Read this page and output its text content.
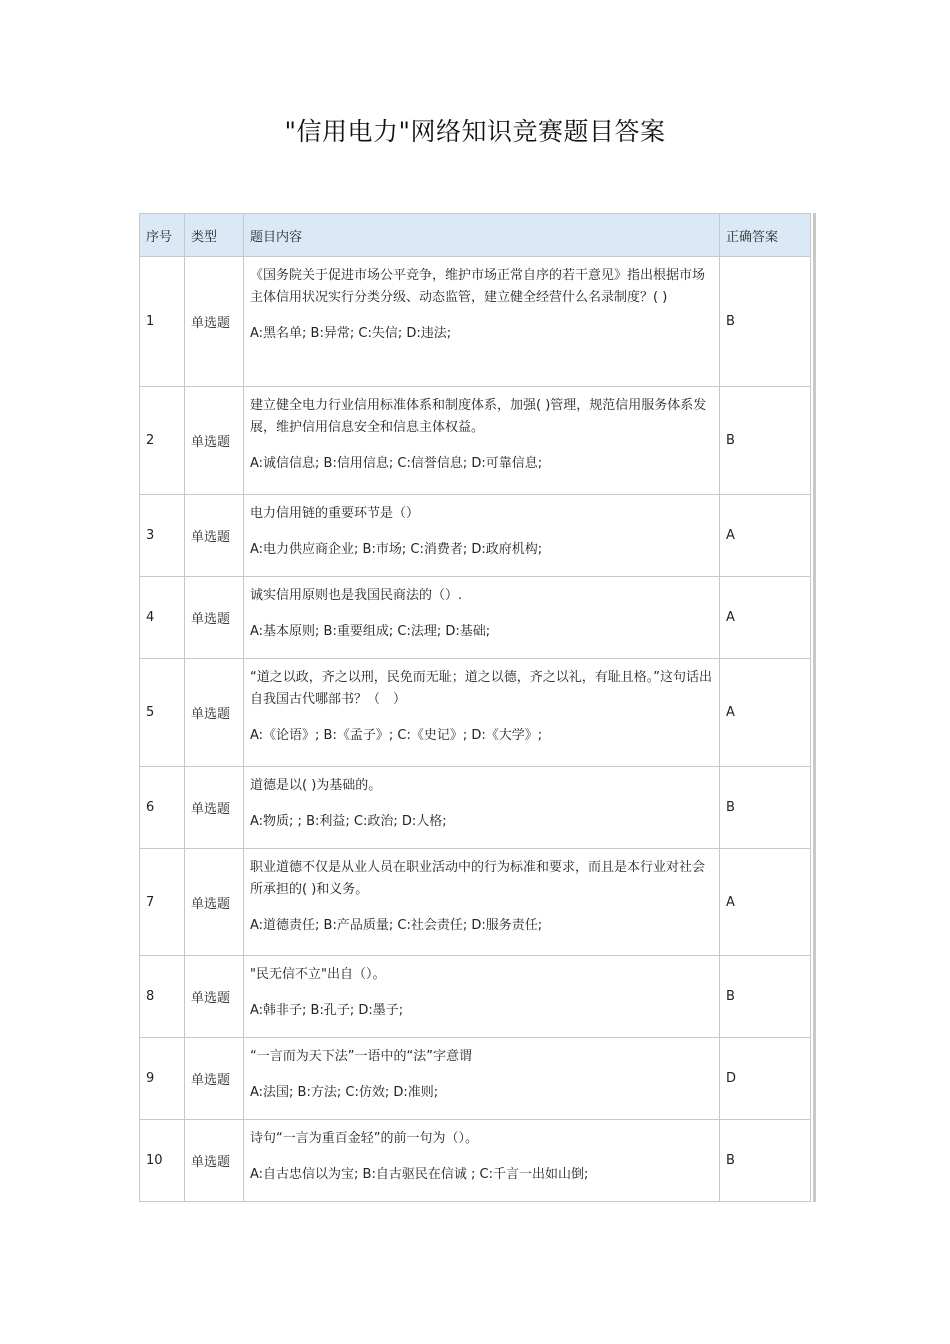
"信用电力"网络知识竞赛题目答案
序号	类型	题目内容	正确答案
1	单选题	《国务院关于促进市场公平竞争，维护市场正常自序的若干意见》指出根据市场主体信用状况实行分类分级、动态监管，建立健全经营什么名录制度？( )
A:黑名单; B:异常; C:失信; D:违法;	B
2	单选题	建立健全电力行业信用标准体系和制度体系，加强( )管理，规范信用服务体系发展，维护信用信息安全和信息主体权益。
A:诚信信息; B:信用信息; C:信誉信息; D:可靠信息;	B
3	单选题	电力信用链的重要环节是（）
A:电力供应商企业; B:市场; C:消费者; D:政府机构;	A
4	单选题	诚实信用原则也是我国民商法的（）.
A:基本原则; B:重要组成; C:法理; D:基础;	A
5	单选题	“道之以政，齐之以刑，民免而无耻；道之以德，齐之以礼，有耻且格。”这句话出自我国古代哪部书？（　）
A:《论语》; B:《孟子》; C:《史记》; D:《大学》;	A
6	单选题	道德是以( )为基础的。
A:物质; ; B:利益; C:政治; D:人格;	B
7	单选题	职业道德不仅是从业人员在职业活动中的行为标准和要求，而且是本行业对社会所承担的( )和义务。
A:道德责任; B:产品质量; C:社会责任; D:服务责任;	A
8	单选题	"民无信不立"出自（）。
A:韩非子; B:孔子; D:墨子;	B
9	单选题	“一言而为天下法”一语中的“法”字意谓
A:法国; B:方法; C:仿效; D:准则;	D
10	单选题	诗句“一言为重百金轻”的前一句为（）。
A:自古忠信以为宝; B:自古驱民在信诚 ; C:千言一出如山倒;	B
